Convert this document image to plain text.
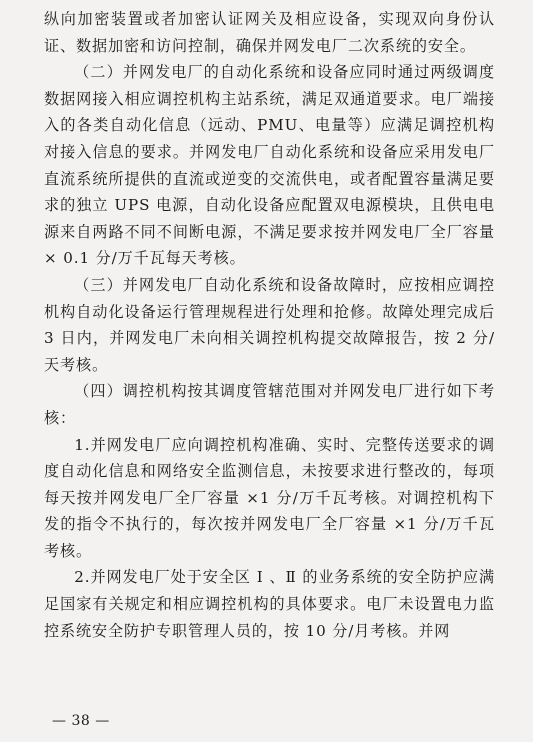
纵向加密装置或者加密认证网关及相应设备，实现双向身份认证、数据加密和访问控制，确保并网发电厂二次系统的安全。

（二）并网发电厂的自动化系统和设备应同时通过两级调度数据网接入相应调控机构主站系统，满足双通道要求。电厂端接入的各类自动化信息（远动、PMU、电量等）应满足调控机构对接入信息的要求。并网发电厂自动化系统和设备应采用发电厂直流系统所提供的直流或逆变的交流供电，或者配置容量满足要求的独立 UPS 电源，自动化设备应配置双电源模块，且供电电源来自两路不同不间断电源，不满足要求按并网发电厂全厂容量 × 0.1 分/万千瓦每天考核。

（三）并网发电厂自动化系统和设备故障时，应按相应调控机构自动化设备运行管理规程进行处理和抢修。故障处理完成后 3 日内，并网发电厂未向相关调控机构提交故障报告，按 2 分/天考核。

（四）调控机构按其调度管辖范围对并网发电厂进行如下考核：

1.并网发电厂应向调控机构准确、实时、完整传送要求的调度自动化信息和网络安全监测信息，未按要求进行整改的，每项每天按并网发电厂全厂容量 ×1 分/万千瓦考核。对调控机构下发的指令不执行的，每次按并网发电厂全厂容量 ×1 分/万千瓦考核。

2.并网发电厂处于安全区 Ⅰ 、Ⅱ 的业务系统的安全防护应满足国家有关规定和相应调控机构的具体要求。电厂未设置电力监控系统安全防护专职管理人员的，按 10 分/月考核。并网

— 38 —
